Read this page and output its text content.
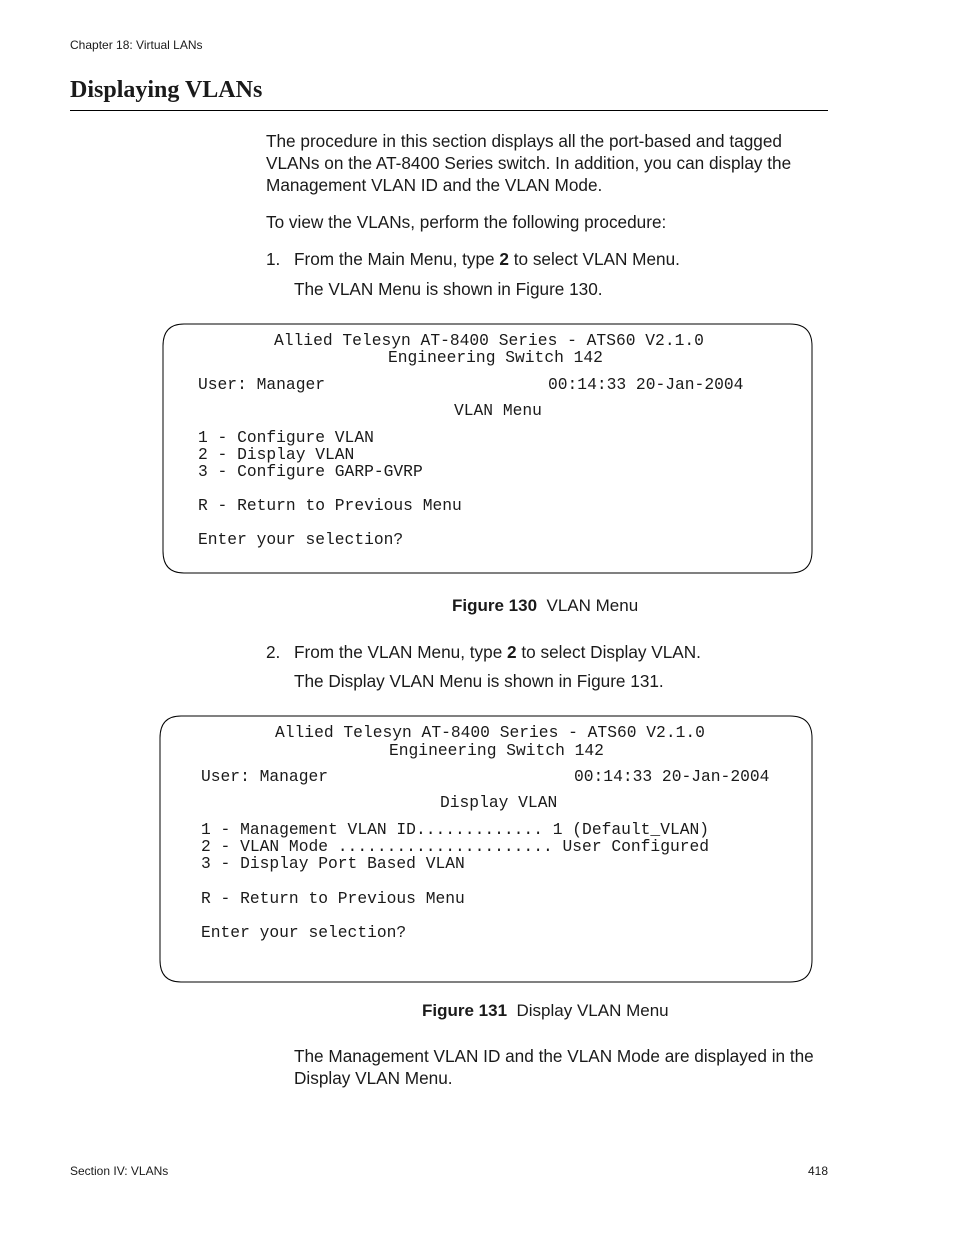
Chapter 18: Virtual LANs
Displaying VLANs
The procedure in this section displays all the port-based and tagged
VLANs on the AT-8400 Series switch. In addition, you can display the
Management VLAN ID and the VLAN Mode.
To view the VLANs, perform the following procedure:
1. From the Main Menu, type 2 to select VLAN Menu.
The VLAN Menu is shown in Figure 130.
Allied Telesyn AT-8400 Series - ATS60 V2.1.0
Engineering Switch 142
User: Manager	00:14:33 20-Jan-2004
VLAN Menu
1 - Configure VLAN
2 - Display VLAN
3 - Configure GARP-GVRP
R - Return to Previous Menu
Enter your selection?
Figure 130 VLAN Menu
2. From the VLAN Menu, type 2 to select Display VLAN.
The Display VLAN Menu is shown in Figure 131.
Allied Telesyn AT-8400 Series - ATS60 V2.1.0
Engineering Switch 142
User: Manager	00:14:33 20-Jan-2004
Display VLAN
1 - Management VLAN ID............. 1 (Default_VLAN)
2 - VLAN Mode ...................... User Configured
3 - Display Port Based VLAN
R - Return to Previous Menu
Enter your selection?
Figure 131 Display VLAN Menu
The Management VLAN ID and the VLAN Mode are displayed in the
Display VLAN Menu.
Section IV: VLANs	418
